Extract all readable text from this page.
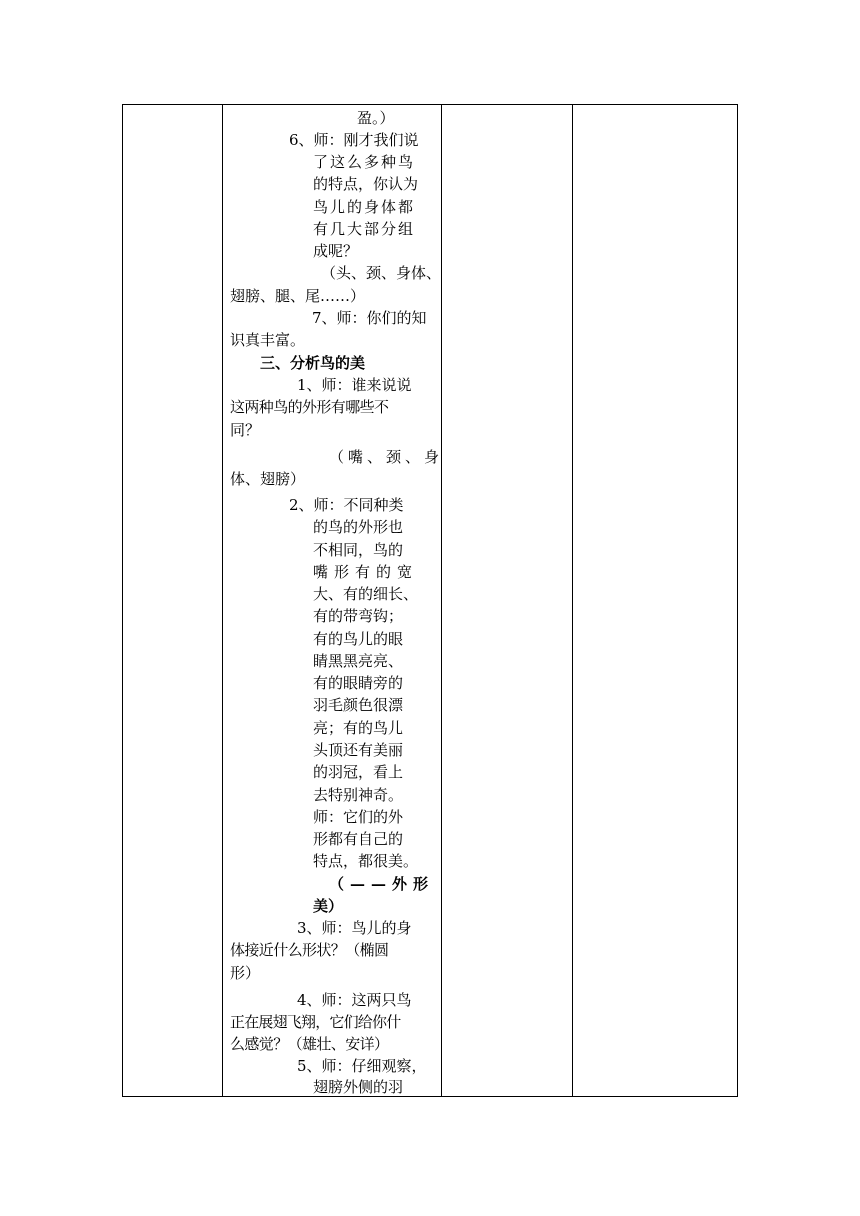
盈。）
6、师：刚才我们说
了这么多种鸟
的特点，你认为
鸟儿的身体都
有几大部分组
成呢？
（头、颈、身体、
翅膀、腿、尾……）
7、师：你们的知
识真丰富。
三、分析鸟的美
1、师：谁来说说
这两种鸟的外形有哪些不
同？
（嘴、颈、身
体、翅膀）
2、师：不同种类
的鸟的外形也
不相同，鸟的
嘴形有的宽
大、有的细长、
有的带弯钩；
有的鸟儿的眼
睛黑黑亮亮、
有的眼睛旁的
羽毛颜色很漂
亮；有的鸟儿
头顶还有美丽
的羽冠，看上
去特别神奇。
师：它们的外
形都有自己的
特点，都很美。
（——外形
美）
3、师：鸟儿的身
体接近什么形状？（椭圆
形）
4、师：这两只鸟
正在展翅飞翔，它们给你什
么感觉？（雄壮、安详）
5、师：仔细观察，
翅膀外侧的羽
